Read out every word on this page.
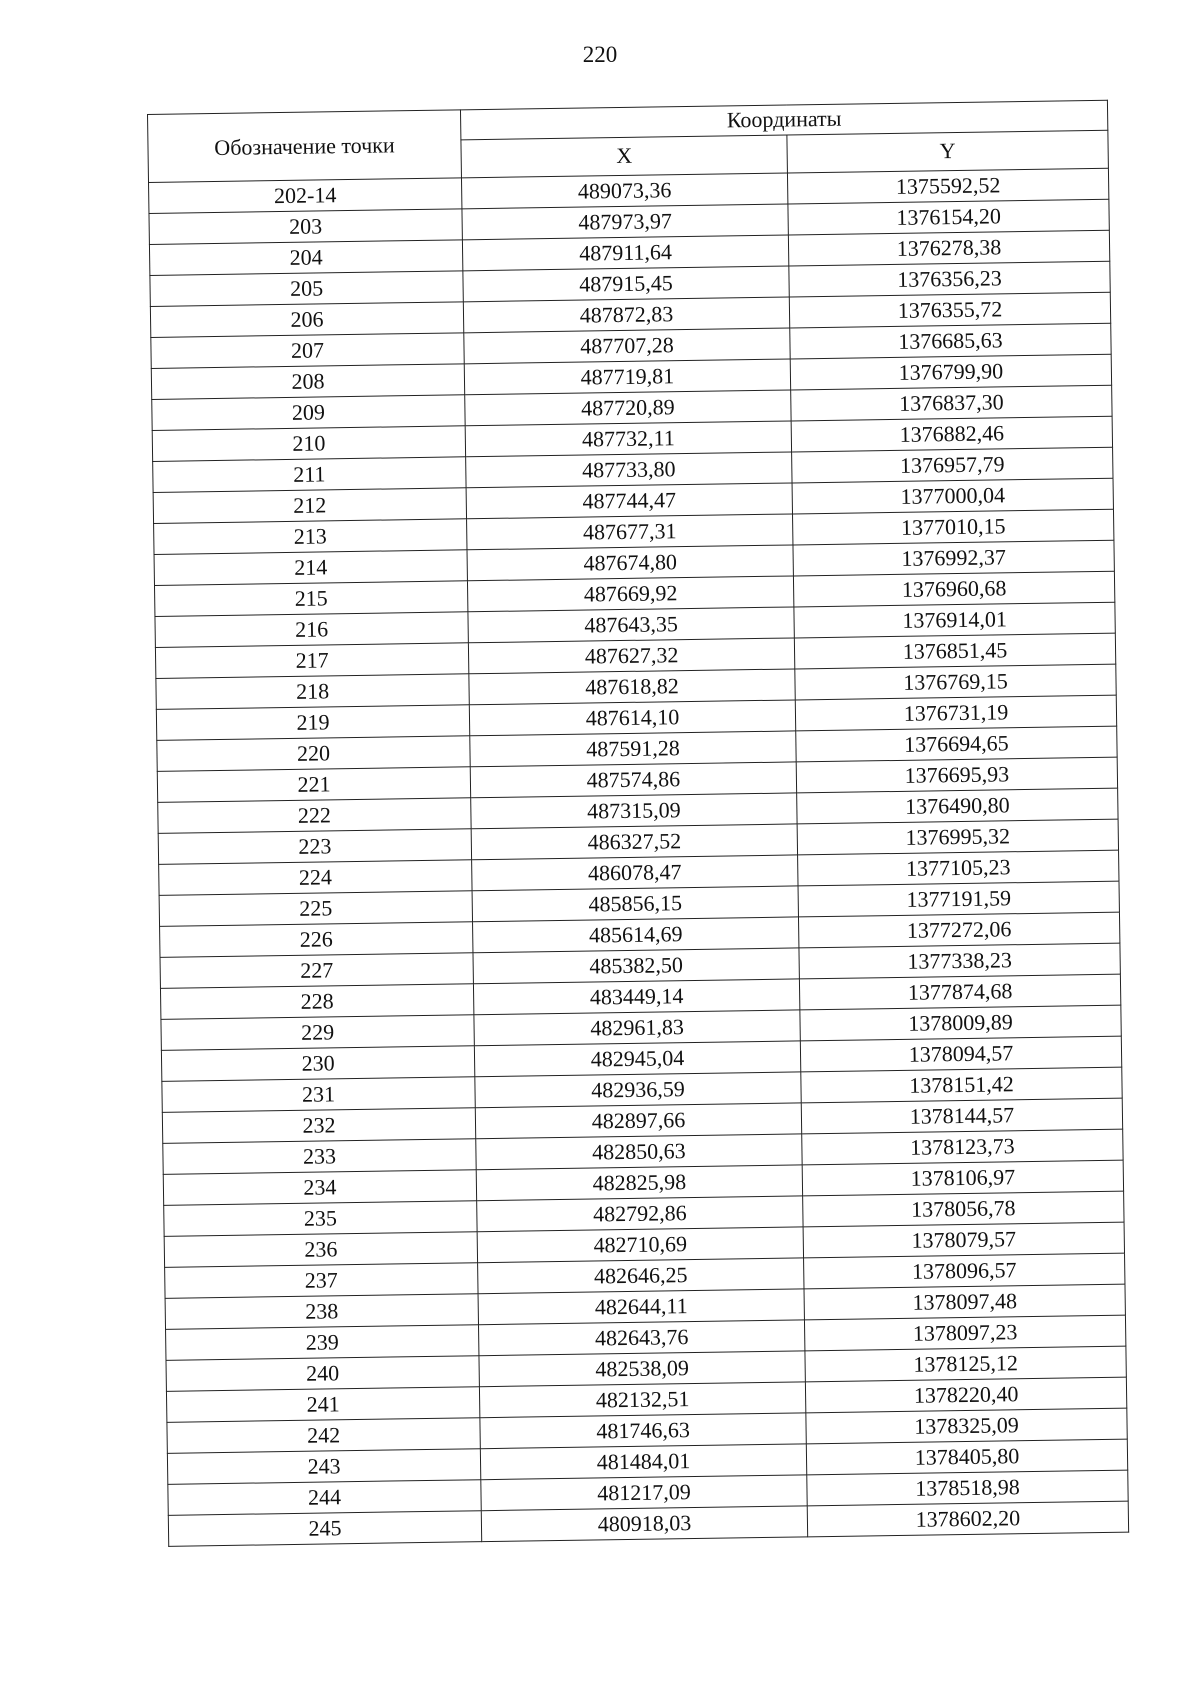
220
Обозначение точки	Координаты	
	X	Y
202-14	489073,36	1375592,52
203	487973,97	1376154,20
204	487911,64	1376278,38
205	487915,45	1376356,23
206	487872,83	1376355,72
207	487707,28	1376685,63
208	487719,81	1376799,90
209	487720,89	1376837,30
210	487732,11	1376882,46
211	487733,80	1376957,79
212	487744,47	1377000,04
213	487677,31	1377010,15
214	487674,80	1376992,37
215	487669,92	1376960,68
216	487643,35	1376914,01
217	487627,32	1376851,45
218	487618,82	1376769,15
219	487614,10	1376731,19
220	487591,28	1376694,65
221	487574,86	1376695,93
222	487315,09	1376490,80
223	486327,52	1376995,32
224	486078,47	1377105,23
225	485856,15	1377191,59
226	485614,69	1377272,06
227	485382,50	1377338,23
228	483449,14	1377874,68
229	482961,83	1378009,89
230	482945,04	1378094,57
231	482936,59	1378151,42
232	482897,66	1378144,57
233	482850,63	1378123,73
234	482825,98	1378106,97
235	482792,86	1378056,78
236	482710,69	1378079,57
237	482646,25	1378096,57
238	482644,11	1378097,48
239	482643,76	1378097,23
240	482538,09	1378125,12
241	482132,51	1378220,40
242	481746,63	1378325,09
243	481484,01	1378405,80
244	481217,09	1378518,98
245	480918,03	1378602,20
